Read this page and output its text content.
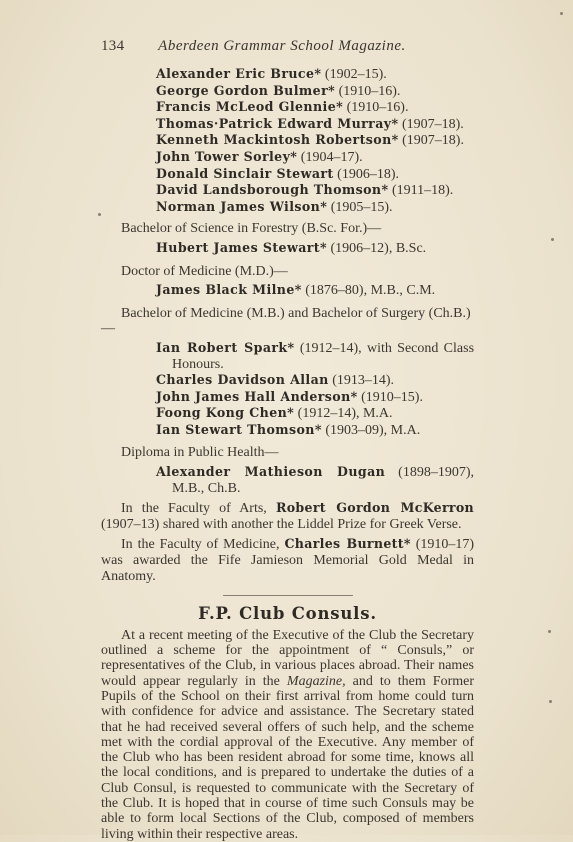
134 Aberdeen Grammar School Magazine.
Alexander Eric Bruce* (1902–15).
George Gordon Bulmer* (1910–16).
Francis McLeod Glennie* (1910–16).
Thomas·Patrick Edward Murray* (1907–18).
Kenneth Mackintosh Robertson* (1907–18).
John Tower Sorley* (1904–17).
Donald Sinclair Stewart (1906–18).
David Landsborough Thomson* (1911–18).
Norman James Wilson* (1905–15).
Bachelor of Science in Forestry (B.Sc. For.)—
Hubert James Stewart* (1906–12), B.Sc.
Doctor of Medicine (M.D.)—
James Black Milne* (1876–80), M.B., C.M.
Bachelor of Medicine (M.B.) and Bachelor of Surgery (Ch.B.)—
Ian Robert Spark* (1912–14), with Second Class Honours.
Charles Davidson Allan (1913–14).
John James Hall Anderson* (1910–15).
Foong Kong Chen* (1912–14), M.A.
Ian Stewart Thomson* (1903–09), M.A.
Diploma in Public Health—
Alexander Mathieson Dugan (1898–1907), M.B., Ch.B.
In the Faculty of Arts, Robert Gordon McKerron (1907–13) shared with another the Liddel Prize for Greek Verse.
In the Faculty of Medicine, Charles Burnett* (1910–17) was awarded the Fife Jamieson Memorial Gold Medal in Anatomy.
F.P. Club Consuls.
At a recent meeting of the Executive of the Club the Secretary outlined a scheme for the appointment of “ Consuls,” or representatives of the Club, in various places abroad. Their names would appear regularly in the Magazine, and to them Former Pupils of the School on their first arrival from home could turn with confidence for advice and assistance. The Secretary stated that he had received several offers of such help, and the scheme met with the cordial approval of the Executive. Any member of the Club who has been resident abroad for some time, knows all the local conditions, and is prepared to undertake the duties of a Club Consul, is requested to communicate with the Secretary of the Club. It is hoped that in course of time such Consuls may be able to form local Sections of the Club, composed of members living within their respective areas.
